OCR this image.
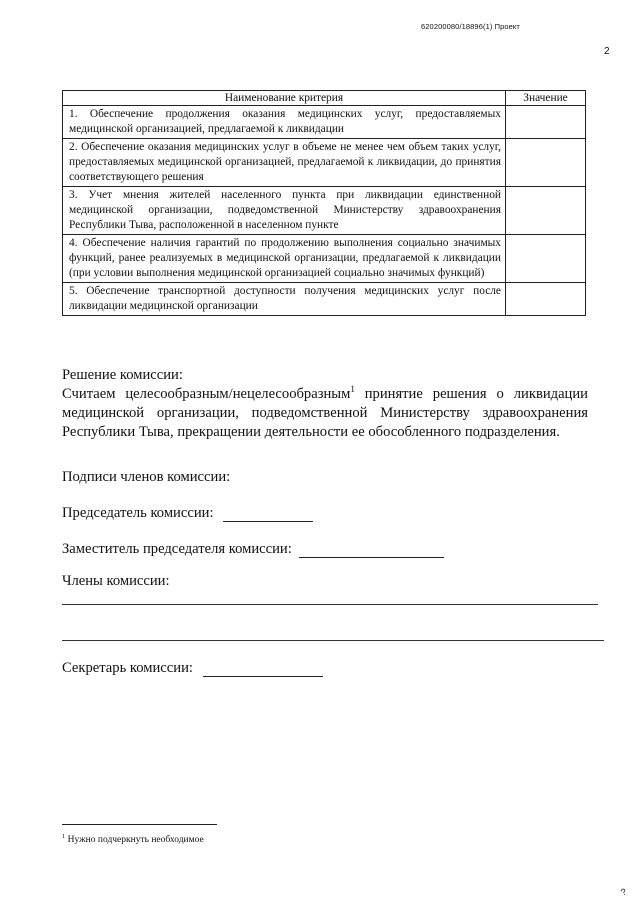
620200080/18896(1) Проект
2
Наименование критерия	Значение
1. Обеспечение продолжения оказания медицинских услуг, предоставляемых медицинской организацией, предлагаемой к ликвидации	
2. Обеспечение оказания медицинских услуг в объеме не менее чем объем таких услуг, предоставляемых медицинской организацией, предлагаемой к ликвидации, до принятия соответствующего решения	
3. Учет мнения жителей населенного пункта при ликвидации единственной медицинской организации, подведомственной Министерству здравоохранения Республики Тыва, расположенной в населенном пункте	
4. Обеспечение наличия гарантий по продолжению выполнения социально значимых функций, ранее реализуемых в медицинской организации, предлагаемой к ликвидации (при условии выполнения медицинской организацией социально значимых функций)	
5. Обеспечение транспортной доступности получения медицинских услуг после ликвидации медицинской организации	

Решение комиссии:

Считаем целесообразным/нецелесообразным$^1$ принятие решения о ликвидации медицинской организации, подведомственной Министерству здравоохранения Республики Тыва, прекращении деятельности ее обособленного подразделения.

Подписи членов комиссии:
Председатель комиссии:
Заместитель председателя комиссии:
Члены комиссии:
Секретарь комиссии:
$^1$ Нужно подчеркнуть необходимое
?
